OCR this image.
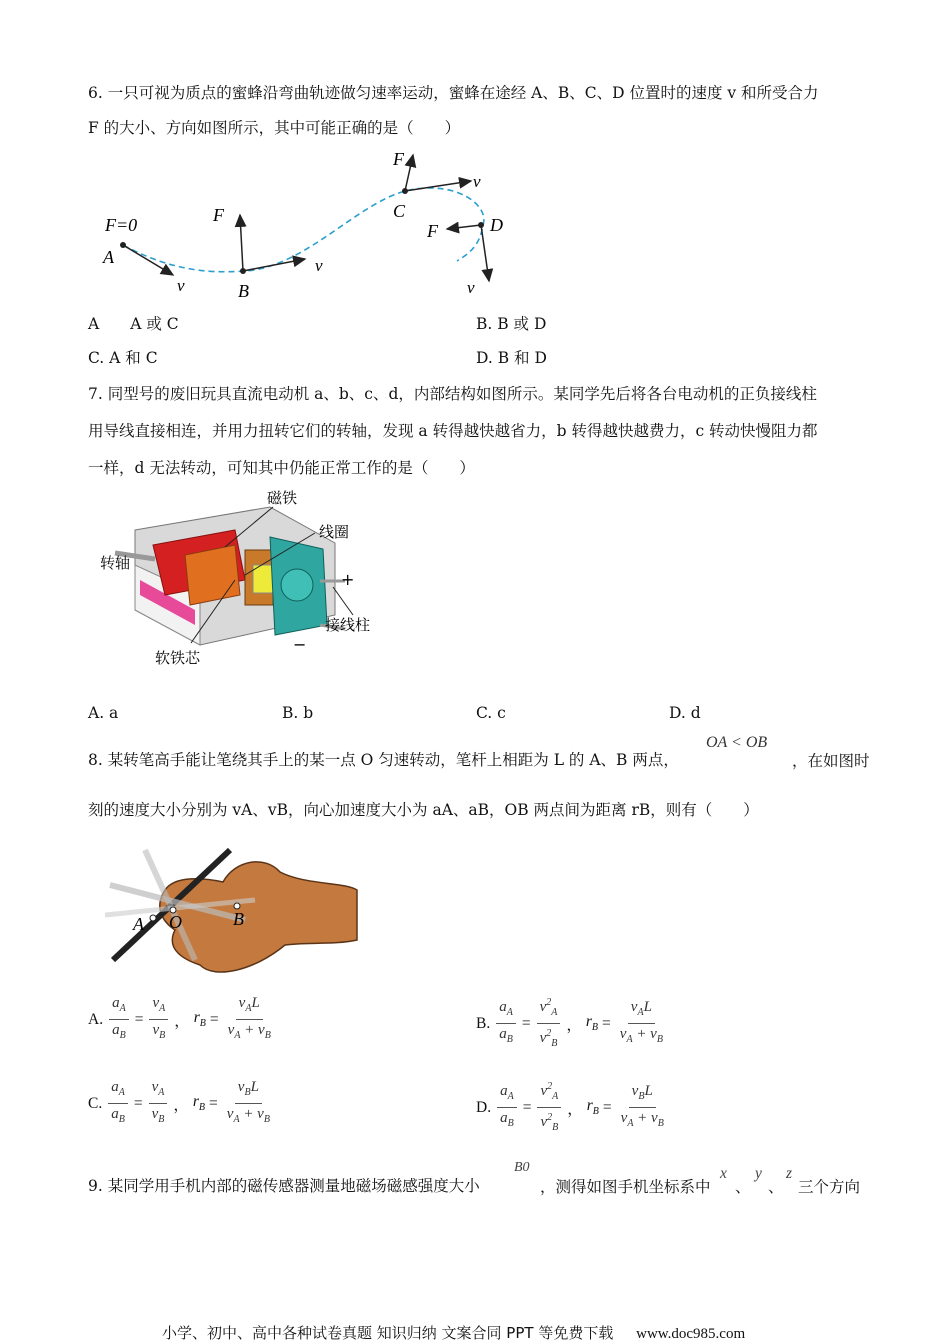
6. 一只可视为质点的蜜蜂沿弯曲轨迹做匀速率运动，蜜蜂在途经 A、B、C、D 位置时的速度 v 和所受合力
F 的大小、方向如图所示，其中可能正确的是（　　）
F=0
A
v
F
B
v
F
C
v
F	D
v
A　　A 或 C	B. B 或 D
C. A 和 C	D. B 和 D
7. 同型号的废旧玩具直流电动机 a、b、c、d，内部结构如图所示。某同学先后将各台电动机的正负接线柱
用导线直接相连，并用力扭转它们的转轴，发现 a 转得越快越省力，b 转得越快越费力，c 转动快慢阻力都
一样，d 无法转动，可知其中仍能正常工作的是（　　）
磁铁
线圈
转轴
+
接线柱
−
软铁芯
A. a	B. b	C. c	D. d
8. 某转笔高手能让笔绕其手上的某一点 O 匀速转动，笔杆上相距为 L 的 A、B 两点，
OA < OB
，在如图时
刻的速度大小分别为 vA、vB，向心加速度大小为 aA、aB，OB 两点间为距离 rB，则有（　　）
A O	B
A. $\frac{a_A}{a_B} = \frac{v_A}{v_B}$ ， $r_B = \frac{v_AL}{v_A + v_B}$	B. $\frac{a_A}{a_B} = \frac{v^2_A}{v^2_B}$ ， $r_B = \frac{v_AL}{v_A + v_B}$
C. $\frac{a_A}{a_B} = \frac{v_A}{v_B}$ ， $r_B = \frac{v_BL}{v_A + v_B}$	D. $\frac{a_A}{a_B} = \frac{v^2_A}{v^2_B}$ ， $r_B = \frac{v_BL}{v_A + v_B}$
9. 某同学用手机内部的磁传感器测量地磁场磁感强度大小
B0
，测得如图手机坐标系中
x
、
y
、
z
三个方向
小学、初中、高中各种试卷真题 知识归纳 文案合同 PPT 等免费下载 www.doc985.com
